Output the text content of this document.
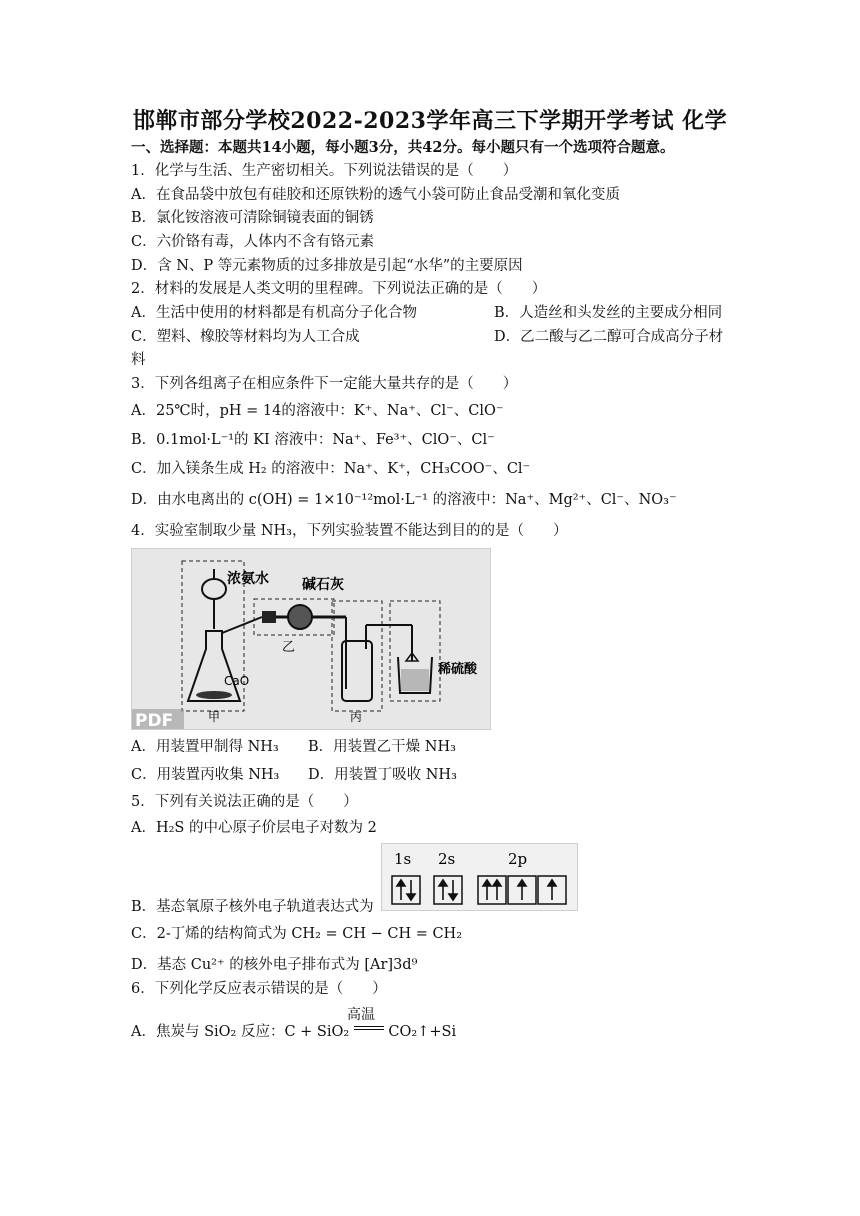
邯郸市部分学校2022-2023学年高三下学期开学考试 化学
一、选择题：本题共14小题，每小题3分，共42分。每小题只有一个选项符合题意。
1．化学与生活、生产密切相关。下列说法错误的是（　　）
A．在食品袋中放包有硅胶和还原铁粉的透气小袋可防止食品受潮和氧化变质
B．氯化铵溶液可清除铜镜表面的铜锈
C．六价铬有毒，人体内不含有铬元素
D．含 N、P 等元素物质的过多排放是引起“水华”的主要原因
2．材料的发展是人类文明的里程碑。下列说法正确的是（　　）
A．生活中使用的材料都是有机高分子化合物	B．人造丝和头发丝的主要成分相同
C．塑料、橡胶等材料均为人工合成	D．乙二酸与乙二醇可合成高分子材
料
3．下列各组离子在相应条件下一定能大量共存的是（　　）
A．25℃时，pH = 14的溶液中：K⁺、Na⁺、Cl⁻、ClO⁻
B．0.1mol·L⁻¹的 KI 溶液中：Na⁺、Fe³⁺、ClO⁻、Cl⁻
C．加入镁条生成 H₂ 的溶液中：Na⁺、K⁺，CH₃COO⁻、Cl⁻
D．由水电离出的 c(OH) = 1×10⁻¹²mol·L⁻¹ 的溶液中：Na⁺、Mg²⁺、Cl⁻、NO₃⁻
4．实验室制取少量 NH₃，下列实验装置不能达到目的的是（　　）
浓氨水 碱石灰
乙
CaO
甲	丙
稀硫酸
PDF
A．用装置甲制得 NH₃ B．用装置乙干燥 NH₃
C．用装置丙收集 NH₃ D．用装置丁吸收 NH₃
5．下列有关说法正确的是（　　）
A．H₂S 的中心原子价层电子对数为 2
1s 2s	2p
B．基态氧原子核外电子轨道表达式为
C．2-丁烯的结构简式为 CH₂ = CH − CH = CH₂
D．基态 Cu²⁺ 的核外电子排布式为 [Ar]3d⁹
6．下列化学反应表示错误的是（　　）
高温
A．焦炭与 SiO₂ 反应：C + SiO₂	CO₂↑+Si
